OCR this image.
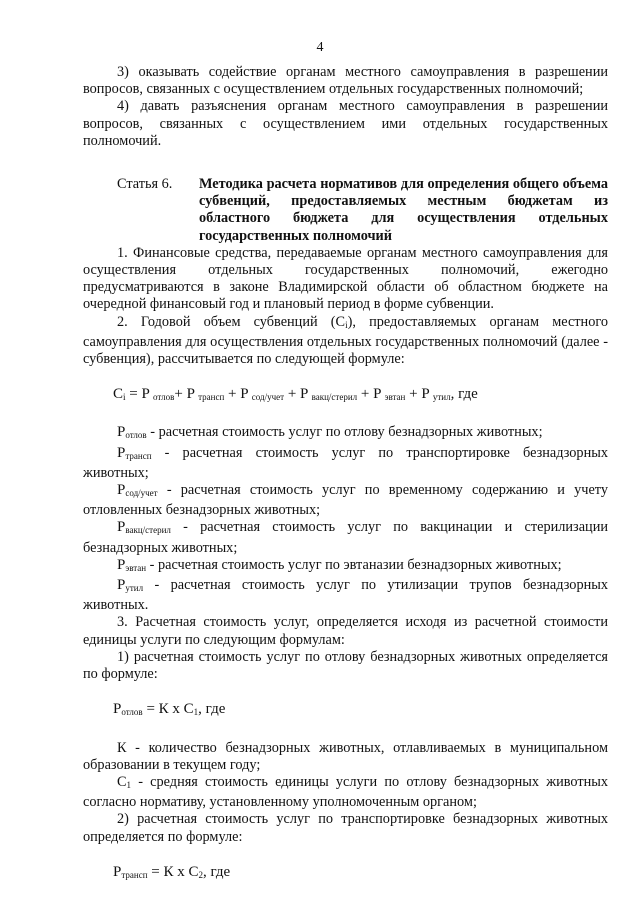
4

3) оказывать содействие органам местного самоуправления в разрешении вопросов, связанных с осуществлением отдельных государственных полномочий;

4) давать разъяснения органам местного самоуправления в разрешении вопросов, связанных с осуществлением ими отдельных государственных полномочий.

Статья 6.	Методика расчета нормативов для определения общего объема субвенций, предоставляемых местным бюджетам из областного бюджета для осуществления отдельных государственных полномочий

1. Финансовые средства, передаваемые органам местного самоуправления для осуществления отдельных государственных полномочий, ежегодно предусматриваются в законе Владимирской области об областном бюджете на очередной финансовый год и плановый период в форме субвенции.

2. Годовой объем субвенций $(С_i)$, предоставляемых органам местного самоуправления для осуществления отдельных государственных полномочий (далее - субвенция), рассчитывается по следующей формуле:

$C_i = P$ $_{отлов}$+ P $_{трансп}$ + P $_{сод/учет}$ + P $_{вакц/стерил}$ + P $_{эвтан}$ + P $_{утил}$, где

$Р_{отлов}$ - расчетная стоимость услуг по отлову безнадзорных животных;

$Р_{трансп}$ - расчетная стоимость услуг по транспортировке безнадзорных животных;

$Р_{сод/учет}$ - расчетная стоимость услуг по временному содержанию и учету отловленных безнадзорных животных;

$Р_{вакц/стерил}$ - расчетная стоимость услуг по вакцинации и стерилизации безнадзорных животных;

$Р_{эвтан}$ - расчетная стоимость услуг по эвтаназии безнадзорных животных;

$Р_{утил}$ - расчетная стоимость услуг по утилизации трупов безнадзорных животных.

3. Расчетная стоимость услуг, определяется исходя из расчетной стоимости единицы услуги по следующим формулам:

1) расчетная стоимость услуг по отлову безнадзорных животных определяется по формуле:

$Р_{отлов} = К$ х $С_1$, где

К - количество безнадзорных животных, отлавливаемых в муниципальном образовании в текущем году;

$С_1$ - средняя стоимость единицы услуги по отлову безнадзорных животных согласно нормативу, установленному уполномоченным органом;

2) расчетная стоимость услуг по транспортировке безнадзорных животных определяется по формуле:

$Р_{трансп} = К$ х $С_2$, где
